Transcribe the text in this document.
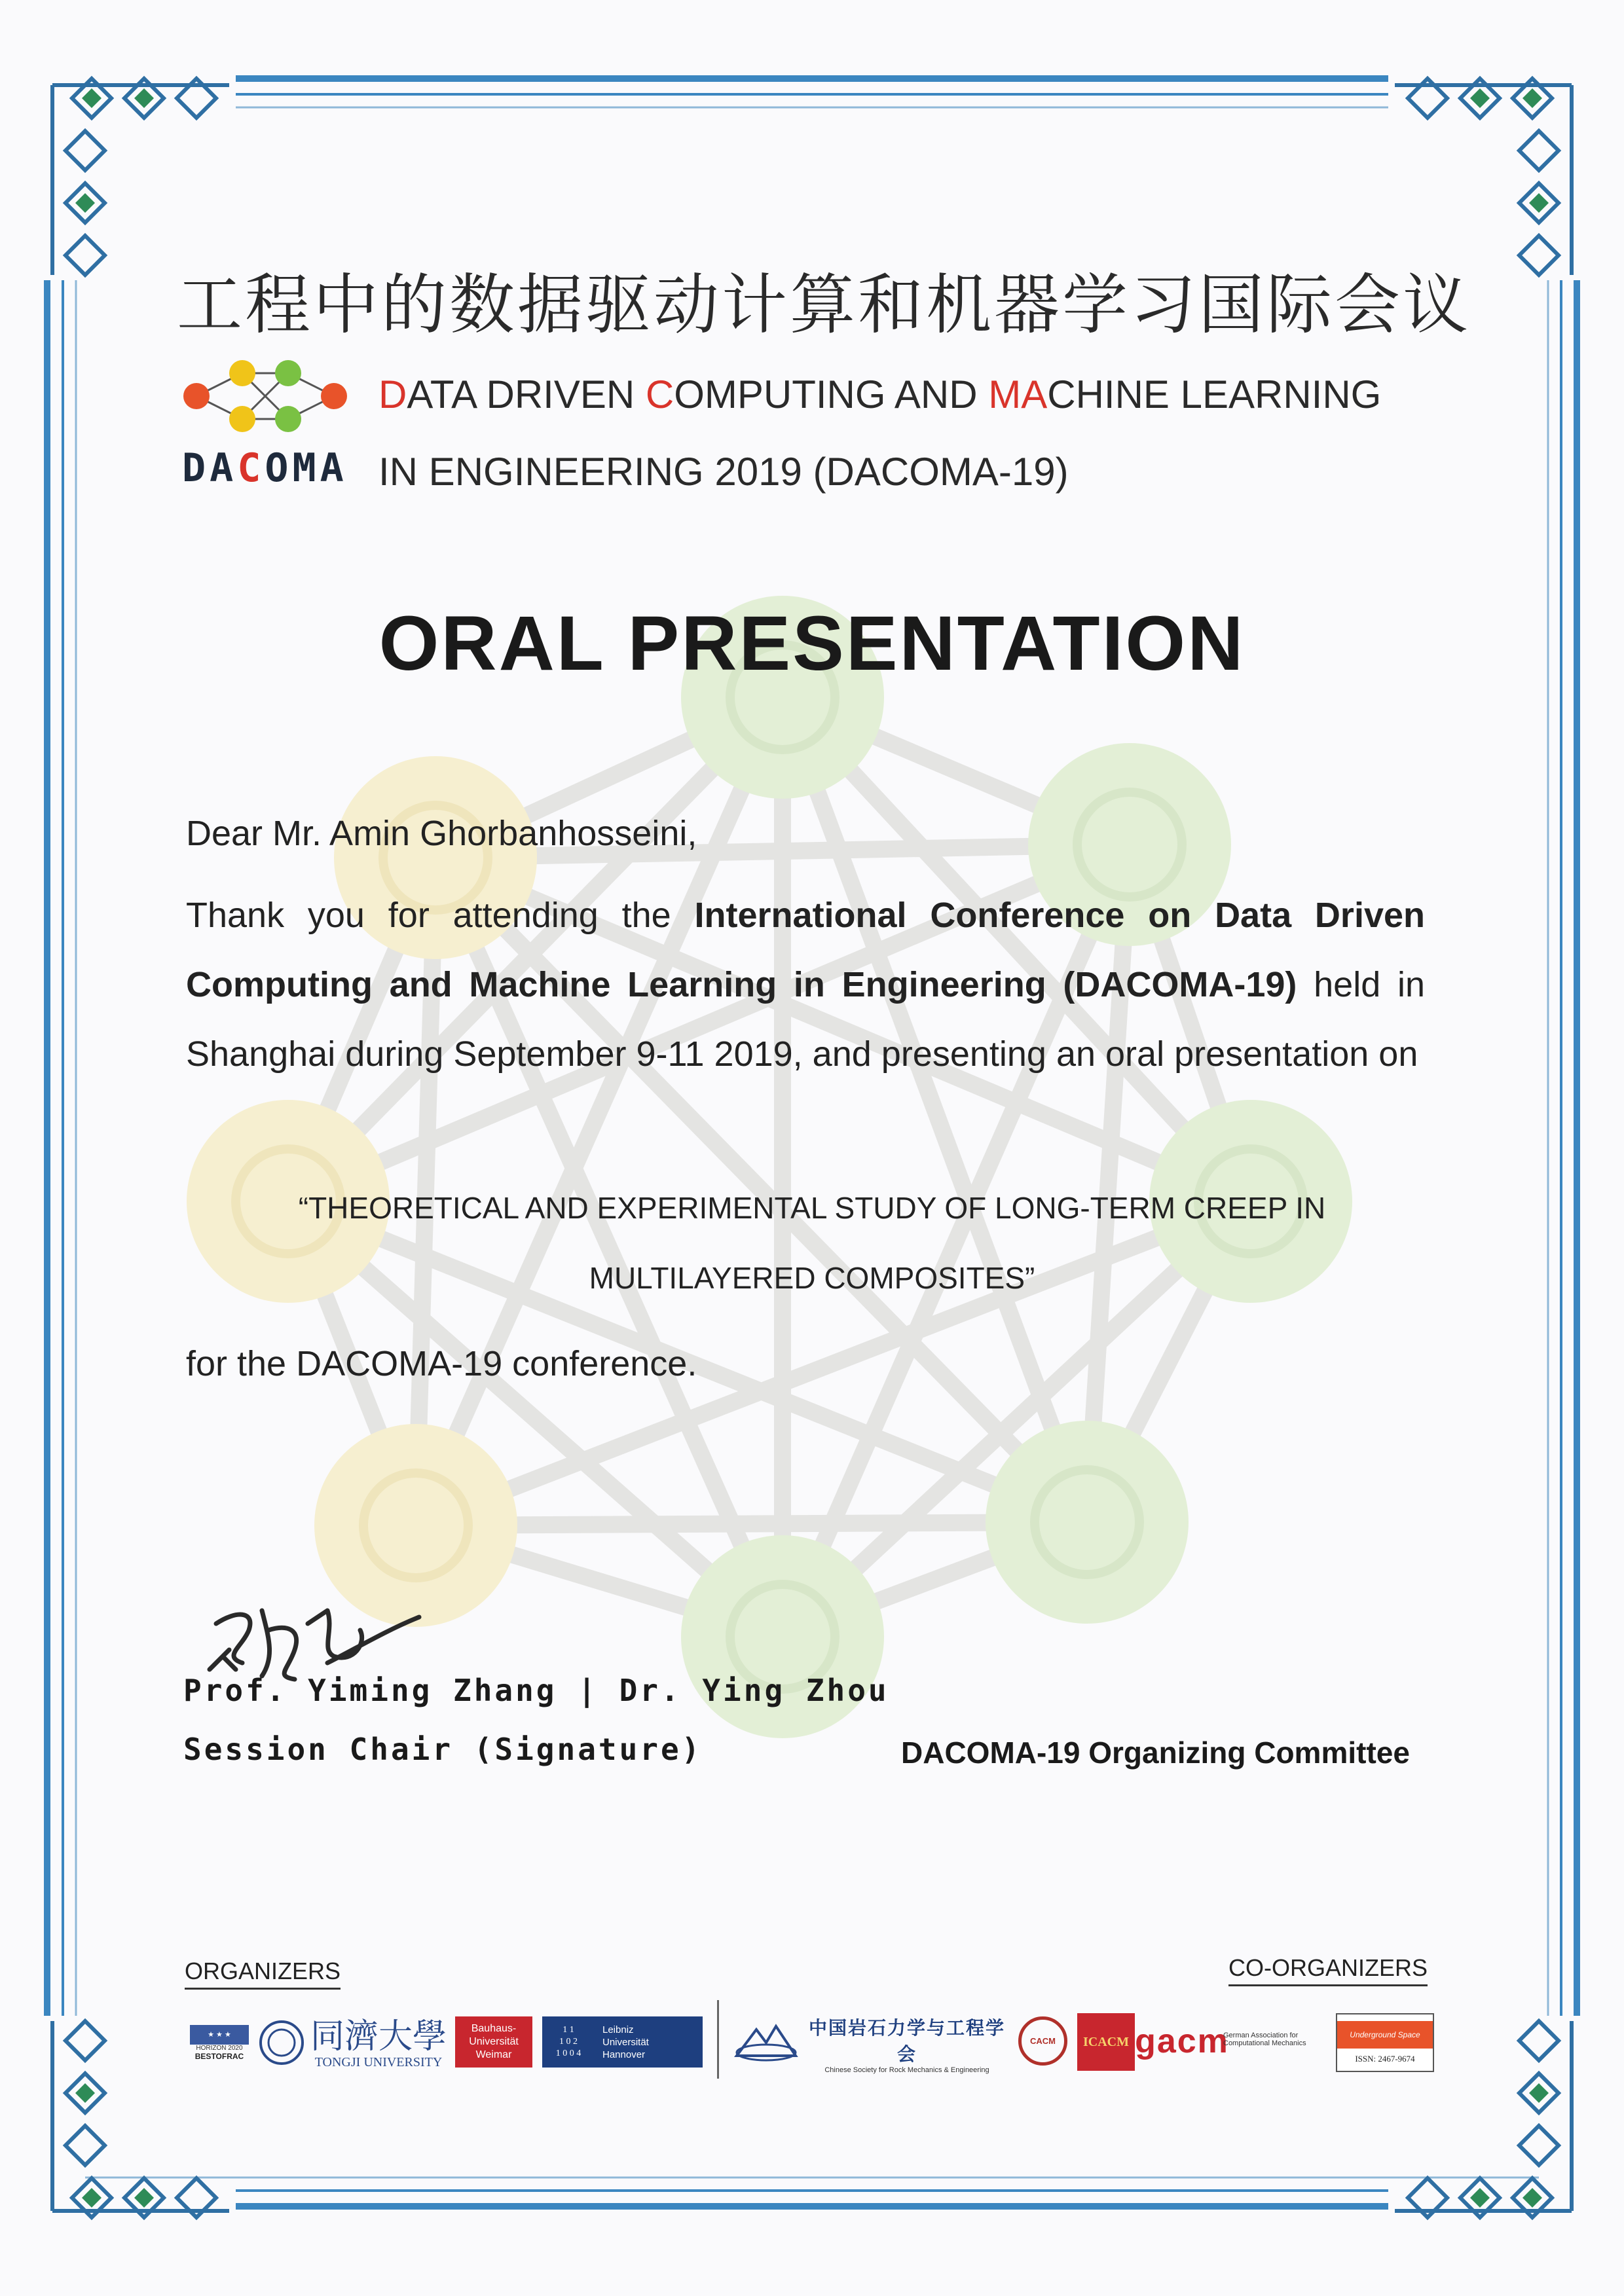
工程中的数据驱动计算和机器学习国际会议
DACOMA
DATA DRIVEN COMPUTING AND MACHINE LEARNING
IN ENGINEERING 2019 (DACOMA-19)
ORAL PRESENTATION
Dear Mr. Amin Ghorbanhosseini,
Thank you for attending the International Conference on Data Driven Computing and Machine Learning in Engineering (DACOMA-19) held in Shanghai during September 9-11 2019, and presenting an oral presentation on
“THEORETICAL AND EXPERIMENTAL STUDY OF LONG-TERM CREEP IN
MULTILAYERED COMPOSITES”
for the DACOMA-19 conference.
Prof. Yiming Zhang | Dr. Ying Zhou
Session Chair (Signature)	DACOMA-19 Organizing Committee
ORGANIZERS	CO-ORGANIZERS
★ ★ ★
HORIZON 2020
BESTOFRAC 同濟大學
TONGJI UNIVERSITY
Bauhaus-
Universität
Weimar
1 1
1 0 2
1 0 0 4
Leibniz
Universität
Hannover
中国岩石力学与工程学会
Chinese Society for Rock Mechanics & Engineering
CACM	ICACM gacm
German Association for
Computational Mechanics
Underground Space
ISSN: 2467-9674
